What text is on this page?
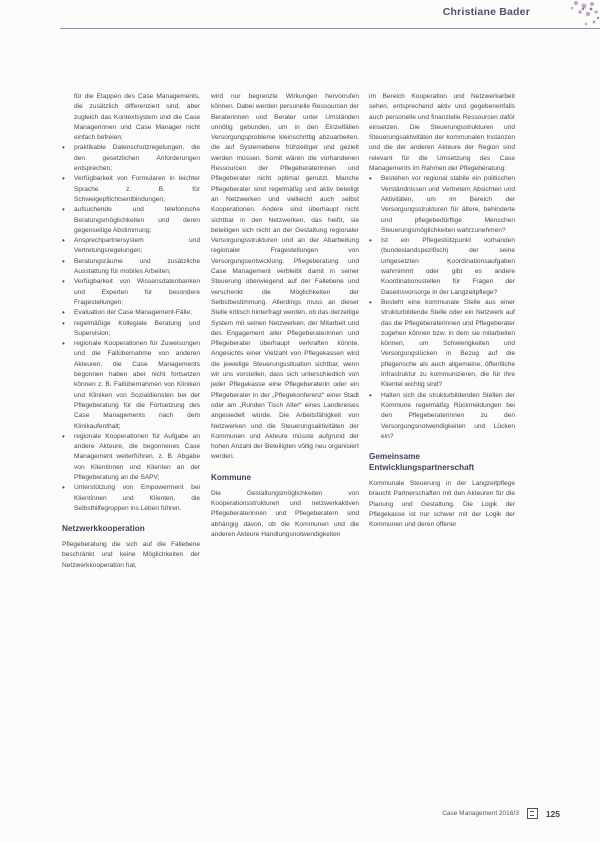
Christiane Bader

für die Etappen des Case Managements, die zusätzlich differenziert sind, aber zugleich das Kontextsystem und die Case Managerinnen und Case Manager nicht einfach befreien;

• praktikable Datenschutzregelungen, die den gesetzlichen Anforderungen entsprechen;
• Verfügbarkeit von Formularen in leichter Sprache z. B. für Schweigepflichtsentbindungen;
• aufsuchende und telefonische Beratungsmöglichkeiten und deren gegenseitige Abstimmung;
• Ansprechpartnersystem und Vertretungsregelungen;
• Beratungsräume und zusätzliche Ausstattung für mobiles Arbeiten;
• Verfügbarkeit von Wissensdatenbanken und Experten für besondere Fragestellungen;
• Evaluation der Case Management-Fälle;
• regelmäßige Kollegiale Beratung und Supervision;
• regionale Kooperationen für Zuweisungen und die Fallübernahme von anderen Akteuren, die Case Managements begonnen haben aber nicht fortsetzen können z. B. Fallübernahmen von Kliniken und Kliniken von Sozialdiensten bei der Pflegeberatung für die Fortsetzung des Case Managements nach dem Klinikaufenthalt;
• regionale Kooperationen für Aufgabe an andere Akteure, die begonnenes Case Management weiterführen, z. B. Abgabe von Klientinnen und Klienten an der Pflegeberatung an die SAPV;
• Unterstützung von Empowerment bei Klientinnen und Klienten, die Selbsthilfegruppen ins Leben führen.
Netzwerkkooperation

Pflegeberatung die sich auf die Fallebene beschränkt und keine Möglichkeiten der Netzwerkkooperation hat,

wird nur begrenzte Wirkungen hervorrufen können. Dabei werden personelle Ressourcen der Beraterinnen und Berater unter Umständen unnötig gebunden, um in den Einzelfällen Versorgungsprobleme kleinschrittig abzuarbeiten, die auf Systemebene frühzeitiger und gezielt werden müssen. Somit wären die vorhandenen Ressourcen der Pflegeberaterinnen und Pflegeberater nicht optimal genutzt. Manche Pflegeberater sind regelmäßig und aktiv beteiligt an Netzwerken und vielleicht auch selbst Kooperationen. Andere sind überhaupt nicht sichtbar in den Netzwerken, das heißt, sie beteiligen sich nicht an der Gestaltung regionaler Versorgungsstrukturen und an der Abarbeitung regionaler Fragestellungen von Versorgungsentwicklung. Pflegeberatung und Case Management verbleibt damit in seiner Steuerung überwiegend auf der Fallebene und verschenkt die Möglichkeiten der Selbstbestimmung. Allerdings muss an dieser Stelle kritisch hinterfragt werden, ob das derzeitige System mit seinen Netzwerken, der Mitarbeit und des Engagement aller Pflegeberaterinnen und Pflegeberater überhaupt verkraften könnte. Angesichts einer Vielzahl von Pflegekassen wird die jeweilige Steuerungssituation sichtbar, wenn wir uns vorstellen, dass sich unterschiedlich von jeder Pflegekasse eine Pflegeberaterin oder ein Pflegeberater in der „Pflegekonferenz“ einer Stadt oder am „Runden Tisch Alter“ eines Landkreises angesiedelt würde. Die Arbeitsfähigkeit von Netzwerken und die Steuerungsaktivitäten der Kommunen und Akteure müsste aufgrund der hohen Anzahl der Beteiligten völlig neu organisiert werden.

Kommune

Die Gestaltungsmöglichkeiten von Kooperationsstrukturen und netzwerkaktiven Pflegeberaterinnen und Pflegeberatern sind abhängig davon, ob die Kommunen und die anderen Akteure Handlungsnotwendigkeiten

im Bereich Kooperation und Netzwerkarbeit sehen, entsprechend aktiv und gegebenenfalls auch personelle und finanzielle Ressourcen dafür einsetzen. Die Steuerungsstrukturen und Steuerungsaktivitäten der kommunalen Instanzen und die der anderen Akteure der Region sind relevant für die Umsetzung des Case Managements im Rahmen der Pflegeberatung:

• Bestehen vor regional stabile ein politischen Verständnissen und Vertretern Absichten und Aktivitäten, um im Bereich der Versorgungsstrukturen für ältere, behinderte und pflegebedürftige Menschen Steuerungsmöglichkeiten wahrzunehmen?
• Ist ein Pflegestützpunkt vorhanden (bundeslandspezifisch) der seine umgesetzten Koordinationsaufgaben wahrnimmt oder gibt es andere Koordinationsstellen für Fragen der Daseinsvorsorge in der Langzeitpflege?
• Besteht eine kommunale Stelle aus einer strukturbildende Stelle oder ein Netzwerk auf das die Pflegeberaterinnen und Pflegeberater zugehen können bzw. in dem sie mitarbeiten können, um Schwierigkeiten und Versorgungslücken in Bezug auf die pflegerische als auch allgemeine, öffentliche Infrastruktur zu kommunizieren, die für ihre Klientel wichtig sind?
• Halten sich die strukturbildenden Stellen der Kommune regelmäßig Rückmeldungen bei den Pflegeberaterinnen zu den Versorgungsnotwendigkeiten und Lücken ein?
Gemeinsame Entwicklungspartnerschaft

Kommunale Steuerung in der Langzeitpflege braucht Partnerschaften mit den Akteuren für die Planung und Gestaltung. Die Logik der Pflegekasse ist nur schwer mit der Logik der Kommunen und deren offener

Case Management 2016/3	125
